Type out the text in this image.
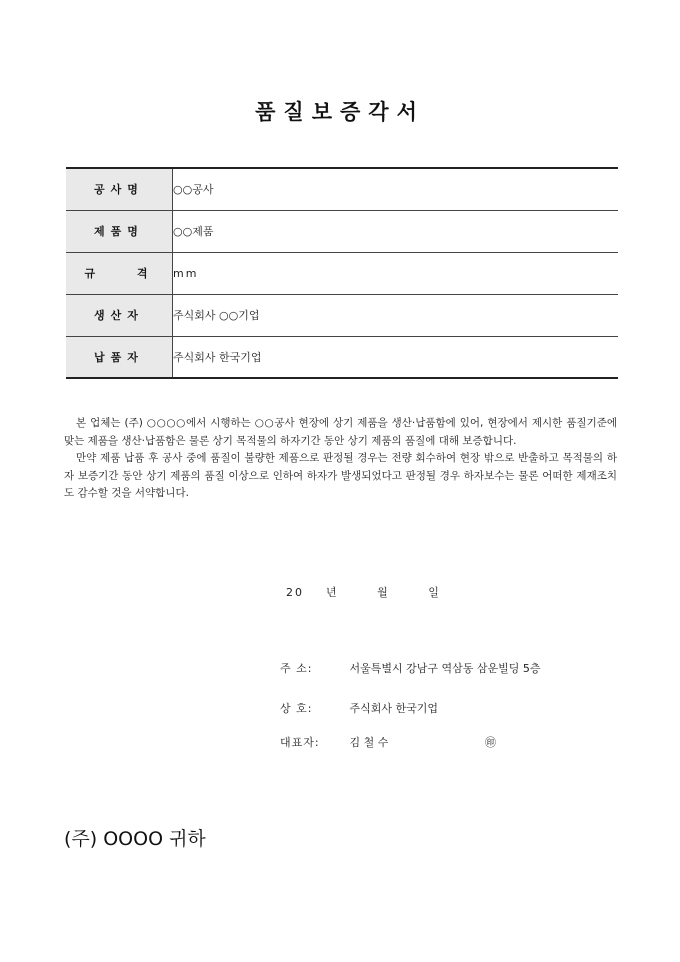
품질보증각서
공사명	○○공사
제품명	○○제품
규 격	mm
생산자	주식회사 ○○기업
납품자	주식회사 한국기업

본 업체는 (주) ○○○○에서 시행하는 ○○공사 현장에 상기 제품을 생산·납품함에 있어, 현장에서 제시한 품질기준에 맞는 제품을 생산·납품함은 물론 상기 목적물의 하자기간 동안 상기 제품의 품질에 대해 보증합니다.

만약 제품 납품 후 공사 중에 품질이 불량한 제품으로 판정될 경우는 전량 회수하여 현장 밖으로 반출하고 목적물의 하자 보증기간 동안 상기 제품의 품질 이상으로 인하여 하자가 발생되었다고 판정될 경우 하자보수는 물론 어떠한 제재조치도 감수할 것을 서약합니다.

20 년	월	일
주 소:	서울특별시 강남구 역삼동 삼운빌딩 5층
상 호:	주식회사 한국기업
대표자:	김 철 수	㊞
(주) OOOO 귀하
